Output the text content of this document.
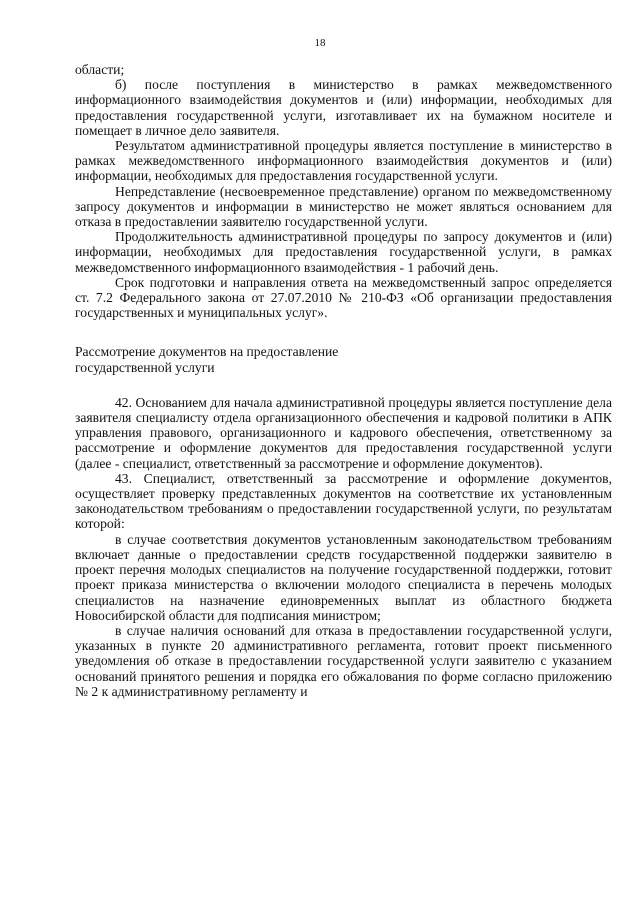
18

области;

б) после поступления в министерство в рамках межведомственного информационного взаимодействия документов и (или) информации, необходимых для предоставления государственной услуги, изготавливает их на бумажном носителе и помещает в личное дело заявителя.

Результатом административной процедуры является поступление в министерство в рамках межведомственного информационного взаимодействия документов и (или) информации, необходимых для предоставления государственной услуги.

Непредставление (несвоевременное представление) органом по межведомственному запросу документов и информации в министерство не может являться основанием для отказа в предоставлении заявителю государственной услуги.

Продолжительность административной процедуры по запросу документов и (или) информации, необходимых для предоставления государственной услуги, в рамках межведомственного информационного взаимодействия - 1 рабочий день.

Срок подготовки и направления ответа на межведомственный запрос определяется ст. 7.2 Федерального закона от 27.07.2010 № 210-ФЗ «Об организации предоставления государственных и муниципальных услуг».

Рассмотрение документов на предоставление
государственной услуги

42. Основанием для начала административной процедуры является поступление дела заявителя специалисту отдела организационного обеспечения и кадровой политики в АПК управления правового, организационного и кадрового обеспечения, ответственному за рассмотрение и оформление документов для предоставления государственной услуги (далее - специалист, ответственный за рассмотрение и оформление документов).

43. Специалист, ответственный за рассмотрение и оформление документов, осуществляет проверку представленных документов на соответствие их установленным законодательством требованиям о предоставлении государственной услуги, по результатам которой:

в случае соответствия документов установленным законодательством требованиям включает данные о предоставлении средств государственной поддержки заявителю в проект перечня молодых специалистов на получение государственной поддержки, готовит проект приказа министерства о включении молодого специалиста в перечень молодых специалистов на назначение единовременных выплат из областного бюджета Новосибирской области для подписания министром;

в случае наличия оснований для отказа в предоставлении государственной услуги, указанных в пункте 20 административного регламента, готовит проект письменного уведомления об отказе в предоставлении государственной услуги заявителю с указанием оснований принятого решения и порядка его обжалования по форме согласно приложению № 2 к административному регламенту и
